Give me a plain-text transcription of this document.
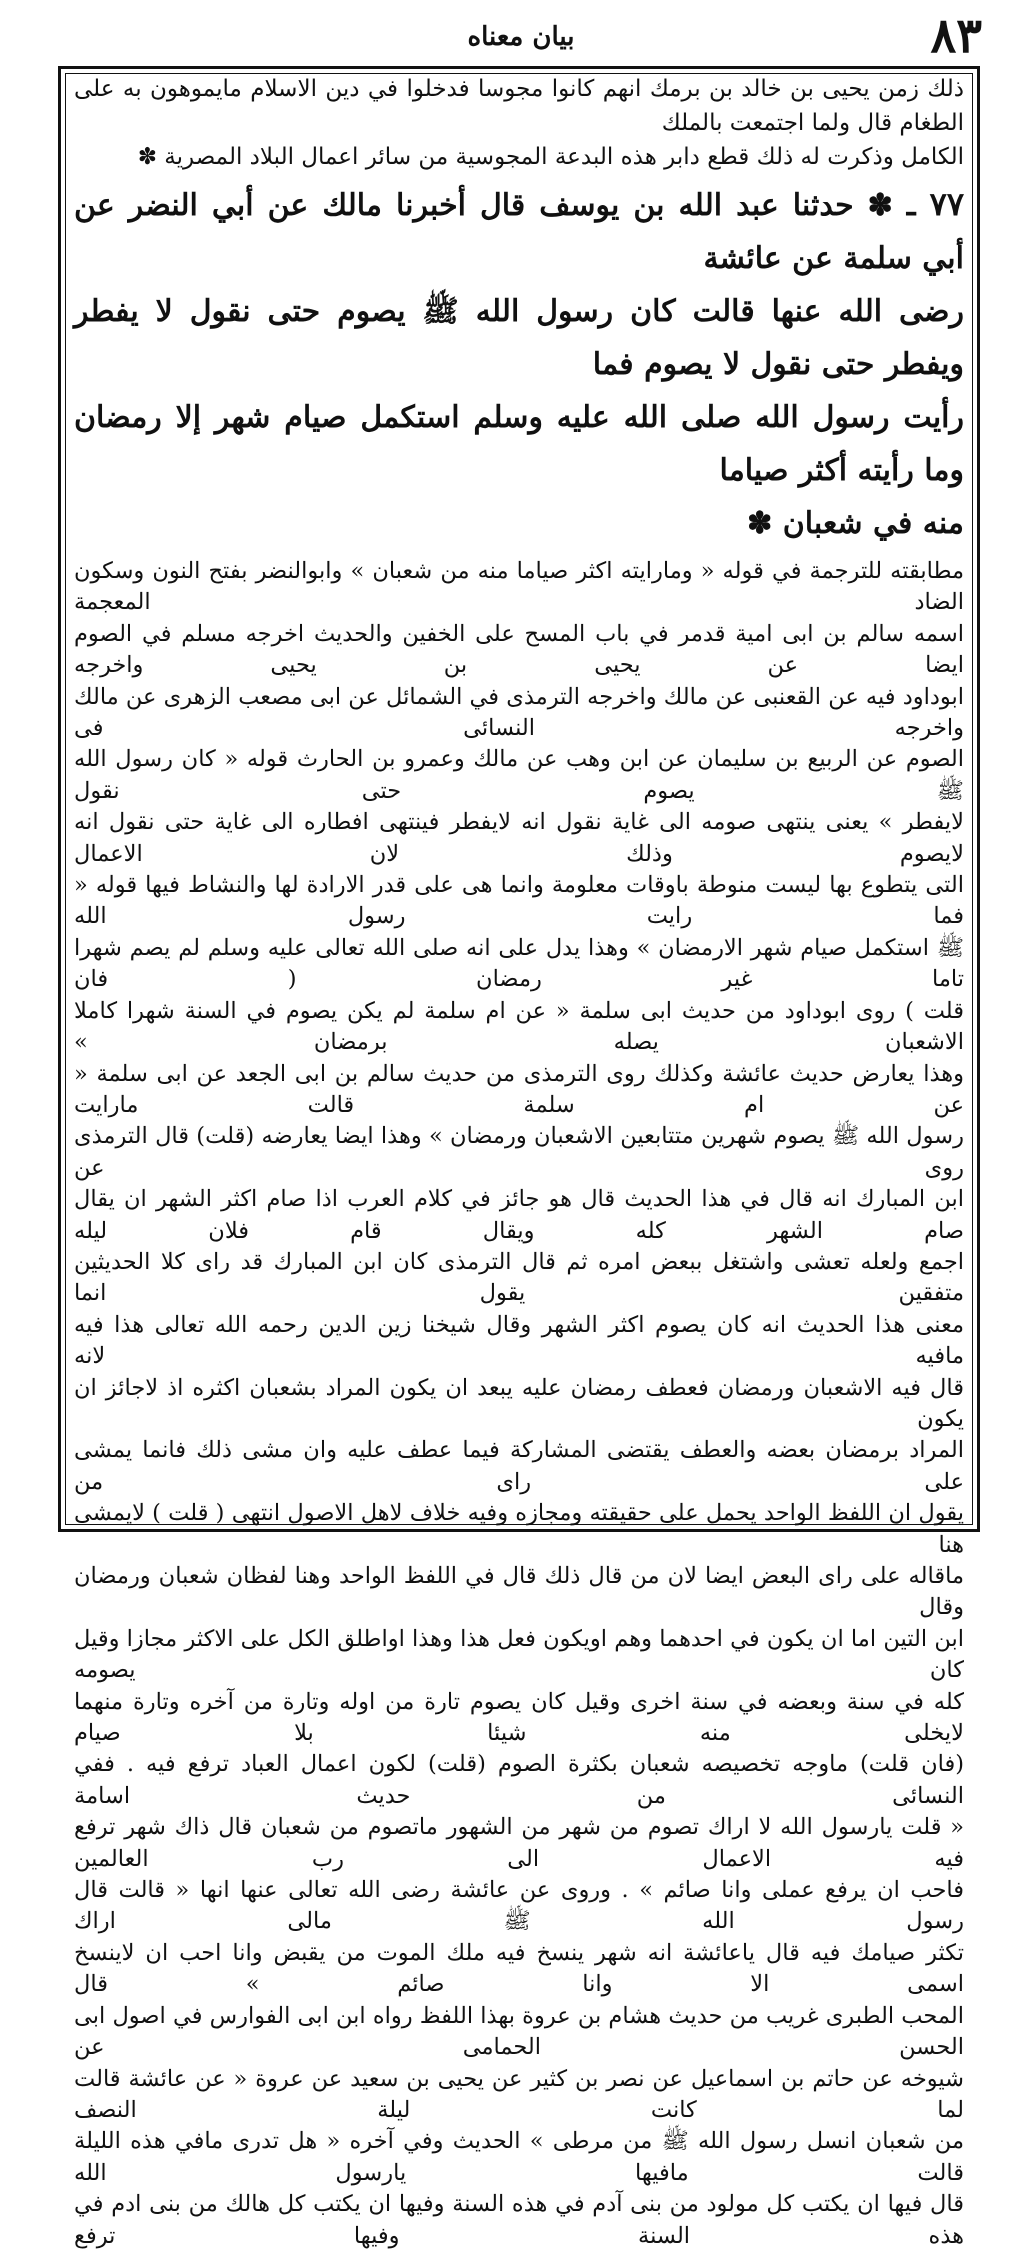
٨٣
بيان معناه

ذلك زمن يحيى بن خالد بن برمك انهم كانوا مجوسا فدخلوا في دين الاسلام مايموهون به على الطغام قال ولما اجتمعت بالملك

الكامل وذكرت له ذلك قطع دابر هذه البدعة المجوسية من سائر اعمال البلاد المصرية ✽

٧٧ ـ ✽ حدثنا عبد الله بن يوسف قال أخبرنا مالك عن أبي النضر عن أبي سلمة عن عائشة

رضى الله عنها قالت كان رسول الله ﷺ يصوم حتى نقول لا يفطر ويفطر حتى نقول لا يصوم فما

رأيت رسول الله صلى الله عليه وسلم استكمل صيام شهر إلا رمضان وما رأيته أكثر صياما

منه في شعبان ✽

مطابقته للترجمة في قوله « ومارايته اكثر صياما منه من شعبان » وابوالنضر بفتح النون وسكون الضاد المعجمة

اسمه سالم بن ابى امية قدمر في باب المسح على الخفين والحديث اخرجه مسلم في الصوم ايضا عن يحيى بن يحيى واخرجه

ابوداود فيه عن القعنبى عن مالك واخرجه الترمذى في الشمائل عن ابى مصعب الزهرى عن مالك واخرجه النسائى فى

الصوم عن الربيع بن سليمان عن ابن وهب عن مالك وعمرو بن الحارث قوله « كان رسول الله ﷺ يصوم حتى نقول

لايفطر » يعنى ينتهى صومه الى غاية نقول انه لايفطر فينتهى افطاره الى غاية حتى نقول انه لايصوم وذلك لان الاعمال

التى يتطوع بها ليست منوطة باوقات معلومة وانما هى على قدر الارادة لها والنشاط فيها قوله « فما رايت رسول الله

ﷺ استكمل صيام شهر الارمضان » وهذا يدل على انه صلى الله تعالى عليه وسلم لم يصم شهرا تاما غير رمضان ( فان

قلت ) روى ابوداود من حديث ابى سلمة « عن ام سلمة لم يكن يصوم في السنة شهرا كاملا الاشعبان يصله برمضان »

وهذا يعارض حديث عائشة وكذلك روى الترمذى من حديث سالم بن ابى الجعد عن ابى سلمة « عن ام سلمة قالت مارايت

رسول الله ﷺ يصوم شهرين متتابعين الاشعبان ورمضان » وهذا ايضا يعارضه (قلت) قال الترمذى روى عن

ابن المبارك انه قال في هذا الحديث قال هو جائز في كلام العرب اذا صام اكثر الشهر ان يقال صام الشهر كله ويقال قام فلان ليله

اجمع ولعله تعشى واشتغل ببعض امره ثم قال الترمذى كان ابن المبارك قد راى كلا الحديثين متفقين يقول انما

معنى هذا الحديث انه كان يصوم اكثر الشهر وقال شيخنا زين الدين رحمه الله تعالى هذا فيه مافيه لانه

قال فيه الاشعبان ورمضان فعطف رمضان عليه يبعد ان يكون المراد بشعبان اكثره اذ لاجائز ان يكون

المراد برمضان بعضه والعطف يقتضى المشاركة فيما عطف عليه وان مشى ذلك فانما يمشى على راى من

يقول ان اللفظ الواحد يحمل على حقيقته ومجازه وفيه خلاف لاهل الاصول انتهى ( قلت ) لايمشى هنا

ماقاله على راى البعض ايضا لان من قال ذلك قال في اللفظ الواحد وهنا لفظان شعبان ورمضان وقال

ابن التين اما ان يكون في احدهما وهم اويكون فعل هذا وهذا اواطلق الكل على الاكثر مجازا وقيل كان يصومه

كله في سنة وبعضه في سنة اخرى وقيل كان يصوم تارة من اوله وتارة من آخره وتارة منهما لايخلى منه شيئا بلا صيام

(فان قلت) ماوجه تخصيصه شعبان بكثرة الصوم (قلت) لكون اعمال العباد ترفع فيه . ففي النسائى من حديث اسامة

« قلت يارسول الله لا اراك تصوم من شهر من الشهور ماتصوم من شعبان قال ذاك شهر ترفع فيه الاعمال الى رب العالمين

فاحب ان يرفع عملى وانا صائم » . وروى عن عائشة رضى الله تعالى عنها انها « قالت قال رسول الله ﷺ مالى اراك

تكثر صيامك فيه قال ياعائشة انه شهر ينسخ فيه ملك الموت من يقبض وانا احب ان لاينسخ اسمى الا وانا صائم » قال

المحب الطبرى غريب من حديث هشام بن عروة بهذا اللفظ رواه ابن ابى الفوارس في اصول ابى الحسن الحمامى عن

شيوخه عن حاتم بن اسماعيل عن نصر بن كثير عن يحيى بن سعيد عن عروة « عن عائشة قالت لما كانت ليلة النصف

من شعبان انسل رسول الله ﷺ من مرطى » الحديث وفي آخره « هل تدرى مافي هذه الليلة قالت مافيها يارسول الله

قال فيها ان يكتب كل مولود من بنى آدم في هذه السنة وفيها ان يكتب كل هالك من بنى ادم في هذه السنة وفيها ترفع
